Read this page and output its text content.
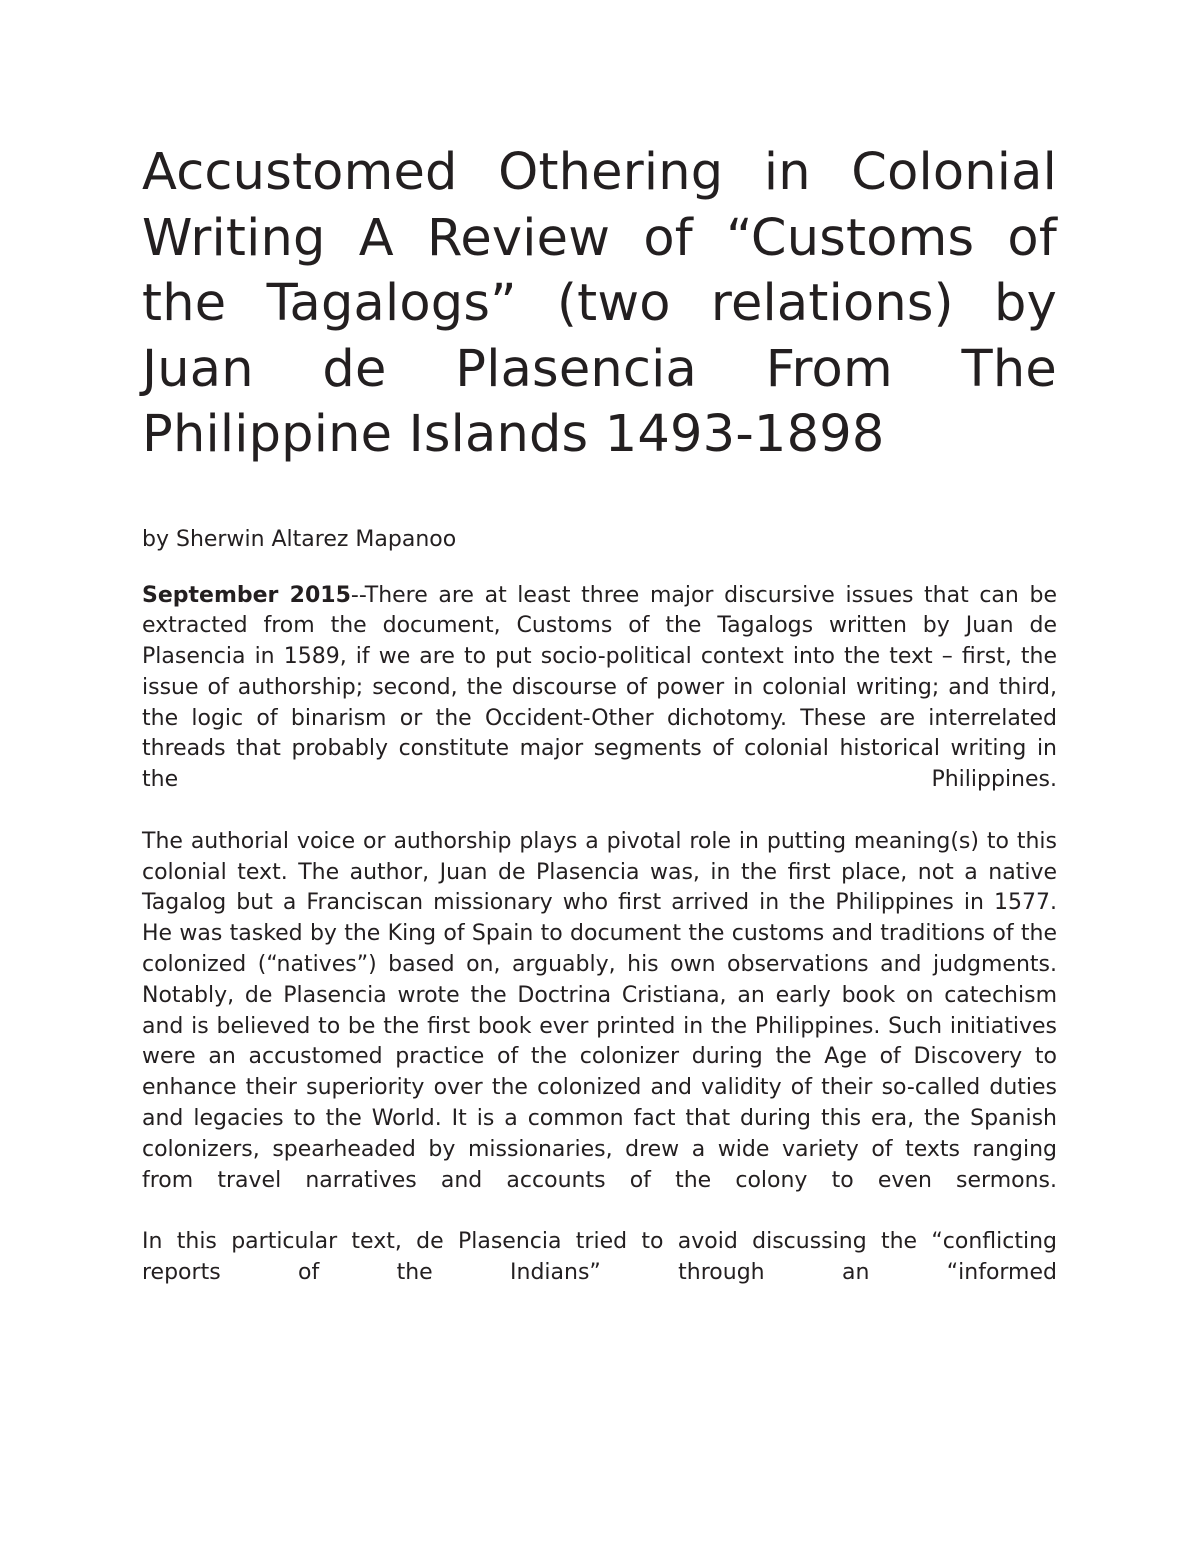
Accustomed Othering in Colonial Writing A Review of “Customs of the Tagalogs” (two relations) by Juan de Plasencia From The Philippine Islands 1493-1898

by Sherwin Altarez Mapanoo

September 2015--There are at least three major discursive issues that can be extracted from the document, Customs of the Tagalogs written by Juan de Plasencia in 1589, if we are to put socio-political context into the text – first, the issue of authorship; second, the discourse of power in colonial writing; and third, the logic of binarism or the Occident-Other dichotomy. These are interrelated threads that probably constitute major segments of colonial historical writing in the Philippines.

The authorial voice or authorship plays a pivotal role in putting meaning(s) to this colonial text. The author, Juan de Plasencia was, in the first place, not a native Tagalog but a Franciscan missionary who first arrived in the Philippines in 1577. He was tasked by the King of Spain to document the customs and traditions of the colonized (“natives”) based on, arguably, his own observations and judgments. Notably, de Plasencia wrote the Doctrina Cristiana, an early book on catechism and is believed to be the first book ever printed in the Philippines. Such initiatives were an accustomed practice of the colonizer during the Age of Discovery to enhance their superiority over the colonized and validity of their so-called duties and legacies to the World. It is a common fact that during this era, the Spanish colonizers, spearheaded by missionaries, drew a wide variety of texts ranging from travel narratives and accounts of the colony to even sermons.

In this particular text, de Plasencia tried to avoid discussing the “conflicting reports of the Indians” through an “informed
